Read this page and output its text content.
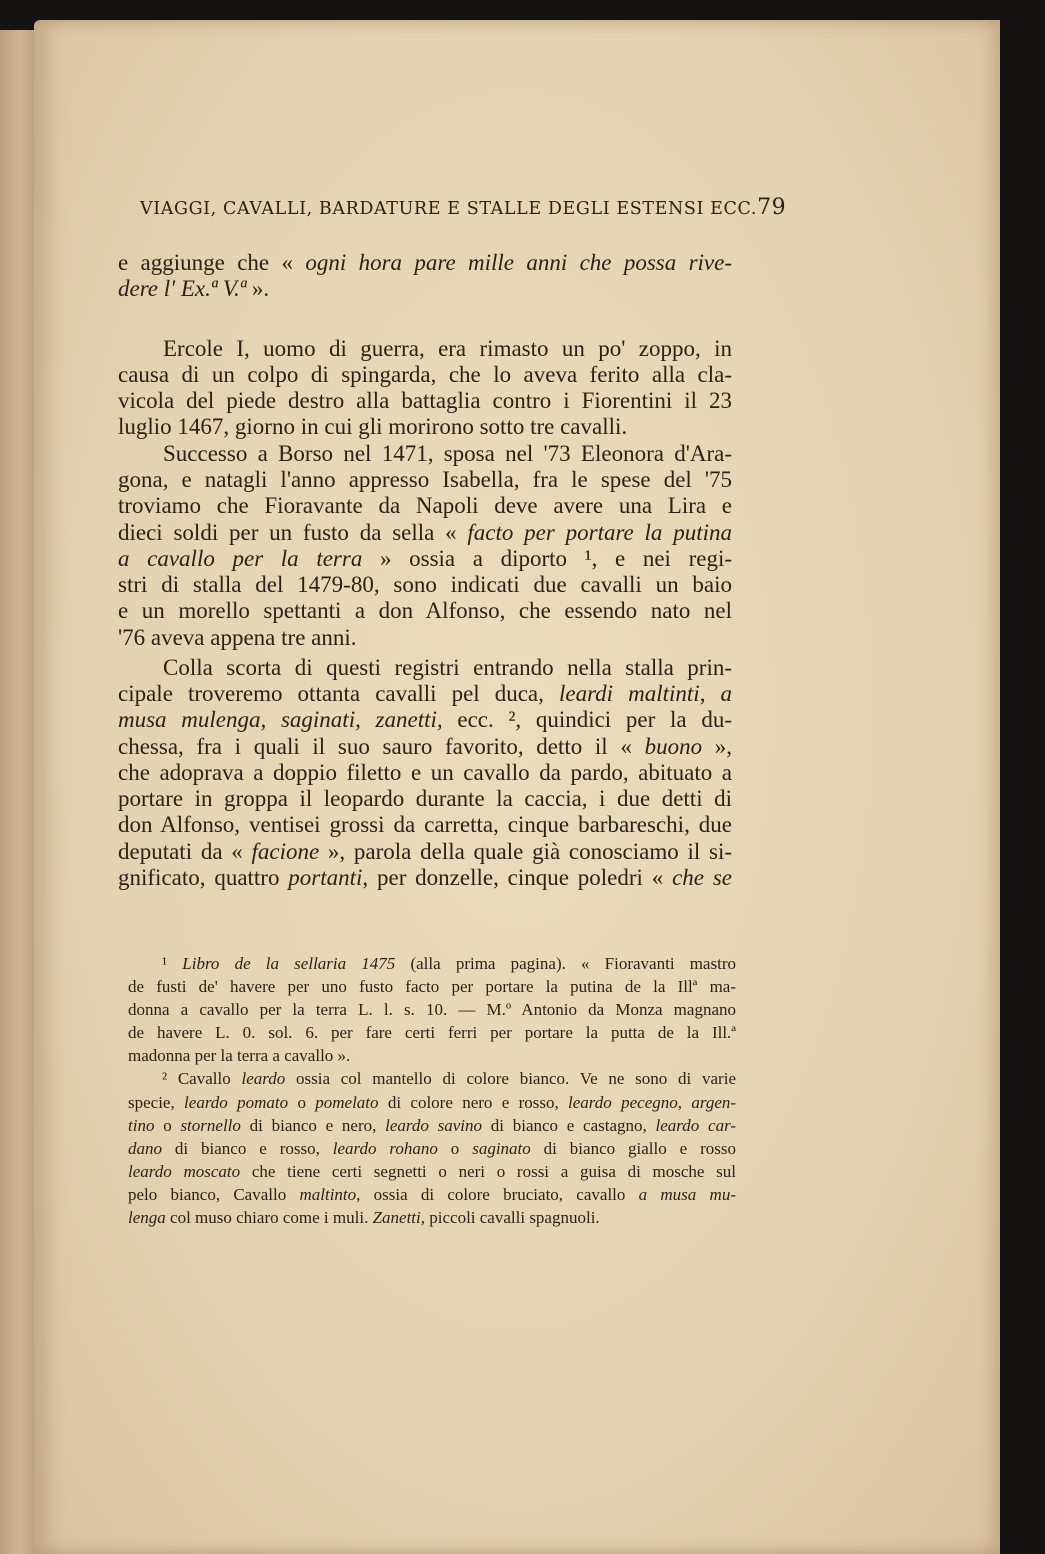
VIAGGI, CAVALLI, BARDATURE E STALLE DEGLI ESTENSI ECC. 79
e aggiunge che « ogni hora pare mille anni che possa rive-
dere l' Ex.ª V.ª ».
Ercole I, uomo di guerra, era rimasto un po' zoppo, in
causa di un colpo di spingarda, che lo aveva ferito alla cla-
vicola del piede destro alla battaglia contro i Fiorentini il 23
luglio 1467, giorno in cui gli morirono sotto tre cavalli.
Successo a Borso nel 1471, sposa nel '73 Eleonora d'Ara-
gona, e natagli l'anno appresso Isabella, fra le spese del '75
troviamo che Fioravante da Napoli deve avere una Lira e
dieci soldi per un fusto da sella « facto per portare la putina
a cavallo per la terra » ossia a diporto ¹, e nei regi-
stri di stalla del 1479-80, sono indicati due cavalli un baio
e un morello spettanti a don Alfonso, che essendo nato nel
'76 aveva appena tre anni.
Colla scorta di questi registri entrando nella stalla prin-
cipale troveremo ottanta cavalli pel duca, leardi maltinti, a
musa mulenga, saginati, zanetti, ecc. ², quindici per la du-
chessa, fra i quali il suo sauro favorito, detto il « buono »,
che adoprava a doppio filetto e un cavallo da pardo, abituato a
portare in groppa il leopardo durante la caccia, i due detti di
don Alfonso, ventisei grossi da carretta, cinque barbareschi, due
deputati da « facione », parola della quale già conosciamo il si-
gnificato, quattro portanti, per donzelle, cinque poledri « che se
¹ Libro de la sellaria 1475 (alla prima pagina). « Fioravanti mastro
de fusti de' havere per uno fusto facto per portare la putina de la Illª ma-
donna a cavallo per la terra L. l. s. 10. — M.º Antonio da Monza magnano
de havere L. 0. sol. 6. per fare certi ferri per portare la putta de la Ill.ª
madonna per la terra a cavallo ».
² Cavallo leardo ossia col mantello di colore bianco. Ve ne sono di varie
specie, leardo pomato o pomelato di colore nero e rosso, leardo pecegno, argen-
tino o stornello di bianco e nero, leardo savino di bianco e castagno, leardo car-
dano di bianco e rosso, leardo rohano o saginato di bianco giallo e rosso
leardo moscato che tiene certi segnetti o neri o rossi a guisa di mosche sul
pelo bianco, Cavallo maltinto, ossia di colore bruciato, cavallo a musa mu-
lenga col muso chiaro come i muli. Zanetti, piccoli cavalli spagnuoli.
